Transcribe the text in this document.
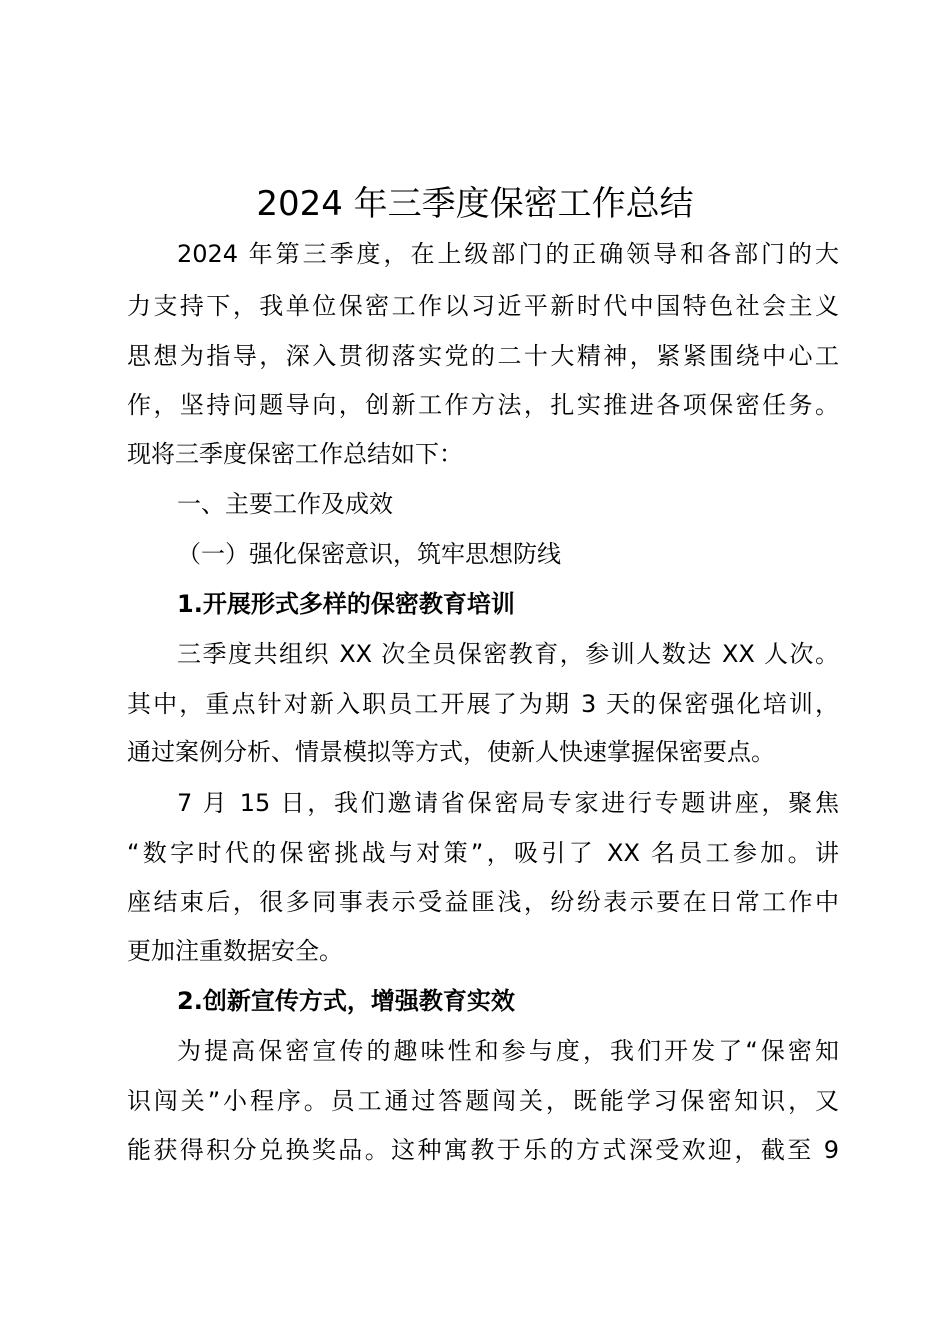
2024 年三季度保密工作总结
2024 年第三季度，在上级部门的正确领导和各部门的大
力支持下，我单位保密工作以习近平新时代中国特色社会主义
思想为指导，深入贯彻落实党的二十大精神，紧紧围绕中心工
作，坚持问题导向，创新工作方法，扎实推进各项保密任务。
现将三季度保密工作总结如下：
一、主要工作及成效
（一）强化保密意识，筑牢思想防线
1.开展形式多样的保密教育培训
三季度共组织 XX 次全员保密教育，参训人数达 XX 人次。
其中，重点针对新入职员工开展了为期 3 天的保密强化培训，
通过案例分析、情景模拟等方式，使新人快速掌握保密要点。
7 月 15 日，我们邀请省保密局专家进行专题讲座，聚焦
“数字时代的保密挑战与对策”，吸引了 XX 名员工参加。讲
座结束后，很多同事表示受益匪浅，纷纷表示要在日常工作中
更加注重数据安全。
2.创新宣传方式，增强教育实效
为提高保密宣传的趣味性和参与度，我们开发了“保密知
识闯关”小程序。员工通过答题闯关，既能学习保密知识，又
能获得积分兑换奖品。这种寓教于乐的方式深受欢迎，截至 9
